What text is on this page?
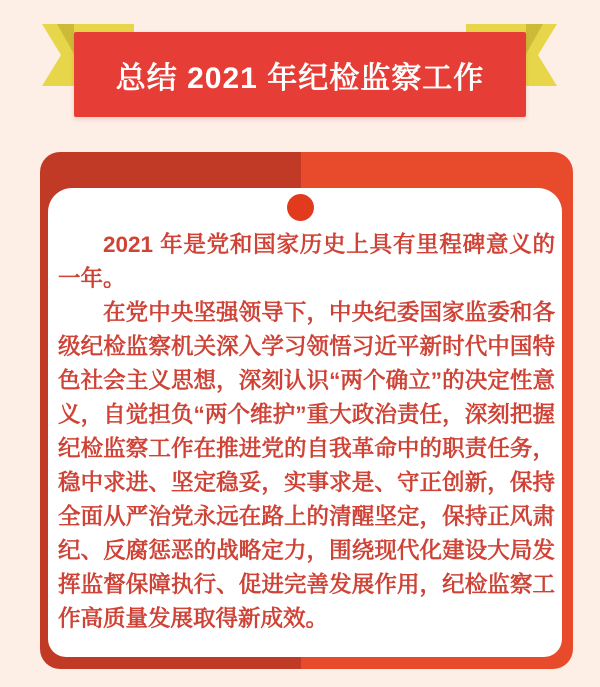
总结 2021 年纪检监察工作

2021 年是党和国家历史上具有里程碑意义的一年。

在党中央坚强领导下，中央纪委国家监委和各级纪检监察机关深入学习领悟习近平新时代中国特色社会主义思想，深刻认识“两个确立”的决定性意义，自觉担负“两个维护”重大政治责任，深刻把握纪检监察工作在推进党的自我革命中的职责任务，稳中求进、坚定稳妥，实事求是、守正创新，保持全面从严治党永远在路上的清醒坚定，保持正风肃纪、反腐惩恶的战略定力，围绕现代化建设大局发挥监督保障执行、促进完善发展作用，纪检监察工作高质量发展取得新成效。
